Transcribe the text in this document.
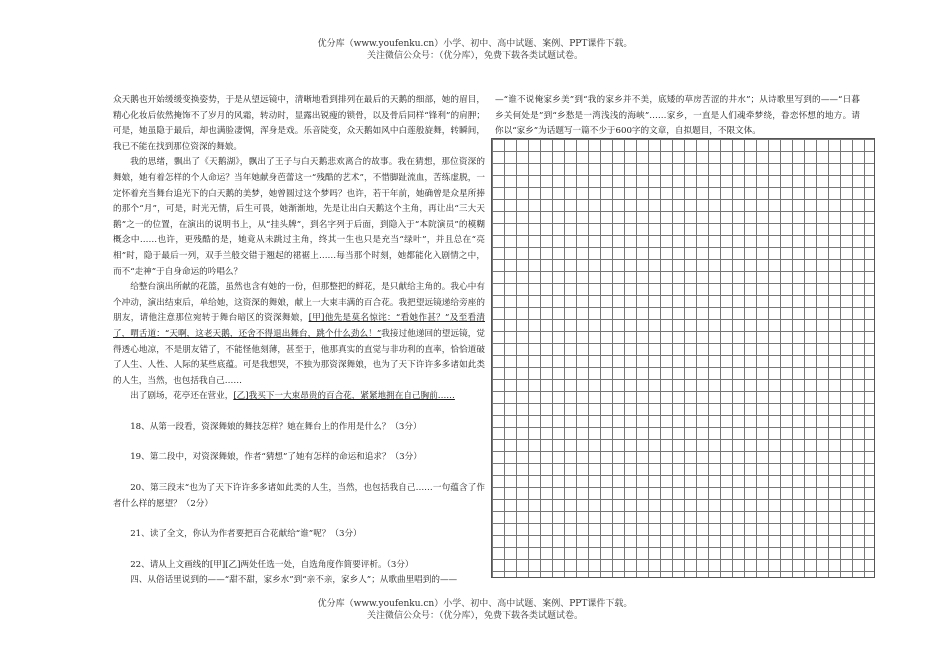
优分库（www.youfenku.cn）小学、初中、高中试题、案例、PPT课件下载。
关注微信公众号：（优分库），免费下载各类试题试卷。

众天鹅也开始缓缓变换姿势，于是从望远镜中，清晰地看到排列在最后的天鹅的细部，她的眉目，精心化妆后依然掩饰不了岁月的风霜，转动时，显露出锐瘦的锁骨，以及骨后同样“锋利”的肩胛；可是，她虽隐于最后，却也满脸凄惆，浑身是戏。乐音陡变，众天鹅如风中白莲般旋舞，转瞬间，我已不能在找到那位资深的舞娘。

我的思绪，飘出了《天鹅湖》，飘出了王子与白天鹅悲欢离合的故事。我在猜想，那位资深的舞娘，她有着怎样的个人命运？当年她献身芭蕾这一“残酷的艺术”，不惜脚趾流血，苦练虚脱，一定怀着充当舞台追光下的白天鹅的美梦，她曾圆过这个梦吗？也许，若干年前，她确曾是众星所捧的那个“月”，可是，时光无情，后生可畏，她渐渐地，先是让出白天鹅这个主角，再让出“三大天鹅”之一的位置，在演出的说明书上，从“挂头牌”，到名字列于后面，到隐入于“本院演员”的模糊概念中……也许，更残酷的是，她竟从未跳过主角，终其一生也只是充当“绿叶”，并且总在“亮相”时，隐于最后一列，双手兰般交错于翘起的裙裾上……每当那个时刻，她都能化入剧情之中，而不“走神”于自身命运的吟唱么？

给整台演出所献的花篮，虽然也含有她的一份，但那整把的鲜花，是只献给主角的。我心中有个冲动，演出结束后，单给她，这资深的舞娘，献上一大束丰满的百合花。我把望远镜递给旁座的朋友，请他注意那位宛转于舞台暗区的资深舞娘，[甲]他先是莫名惊诧：“看她作甚？”及至看清了，喟舌道：“天啊，这老天鹅，还舍不得退出舞台，跳个什么劲么！”我接过他递回的望远镜，觉得透心地凉，不是朋友错了，不能怪他刻薄，甚至于，他那真实的直觉与非功利的直率，恰恰道破了人生、人性、人际的某些底蕴。可是我想哭，不独为那资深舞娘，也为了天下许许多多诸如此类的人生，当然，也包括我自己……

出了剧场，花亭还在营业，[乙]我买下一大束昂贵的百合花，紧紧地拥在自己胸前……

18、从第一段看，资深舞娘的舞技怎样？她在舞台上的作用是什么？（3分）

19、第二段中，对资深舞娘，作者“猜想”了她有怎样的命运和追求？（3分）

20、第三段末“也为了天下许许多多诸如此类的人生，当然，也包括我自己……一句蕴含了作者什么样的愿望？（2分）

21、读了全文，你认为作者要把百合花献给“谁”呢？（3分）

22、请从上文画线的[甲][乙]两处任选一处，自选角度作简要评析。（3分）

四、从俗话里说到的——“甜不甜，家乡水”到“亲不亲，家乡人”；从歌曲里唱到的——

—“谁不说俺家乡美”到“我的家乡并不美，底矮的草房苦涩的井水”；从诗歌里写到的——“日暮乡关何处是”到“乡愁是一湾浅浅的海峡”……家乡，一直是人们魂牵梦绕，眷恋怀想的地方。请你以“家乡”为话题写一篇不少于600字的文章，自拟题目，不限文体。

优分库（www.youfenku.cn）小学、初中、高中试题、案例、PPT课件下载。
关注微信公众号：（优分库），免费下载各类试题试卷。
